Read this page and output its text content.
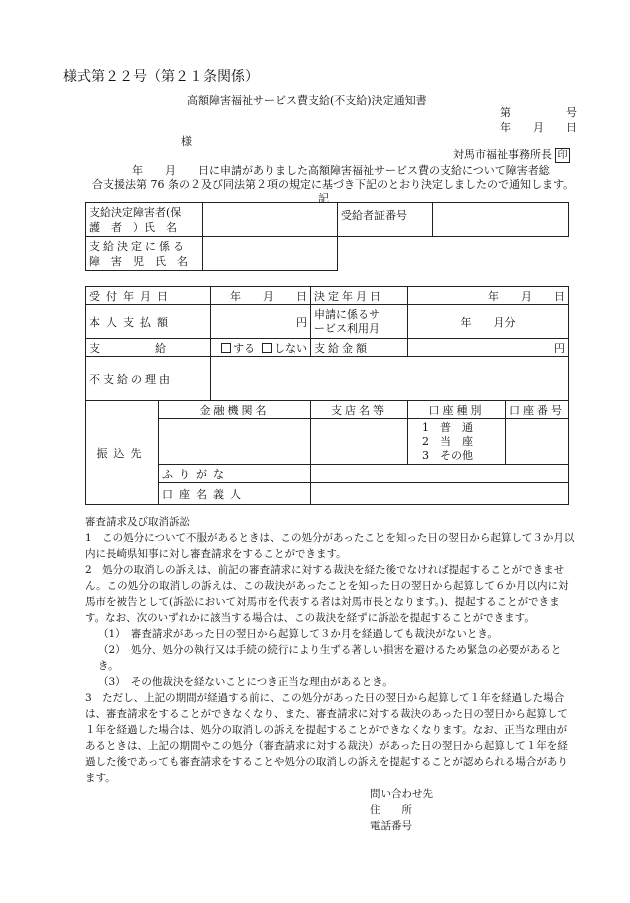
様式第２２号（第２１条関係）
高額障害福祉サービス費支給(不支給)決定通知書
第　　　　　号
年　　月　　日
様
対馬市福祉事務所長 印
年　　月　　日に申請がありました高額障害福祉サービス費の支給について障害者総
合支援法第 76 条の２及び同法第２項の規定に基づき下記のとおり決定しましたので通知します。
記
支給決定障害者(保
護　者　）氏　名		受給者証番号	

支給決定に係る
障　害　児　氏　名			

受付年月日		年　　月　　日	決定年月日	年　　月　　日	
本人支払額		円	申請に係るサ
ービス利用月	年　　月分	
支　　　　　給		する しない	支給金額	円	
不支給の理由					
振込先	金融機関名		支店名等	口座種別	口座番号

				1　普　通
2　当　座
3　その他	

	ふりがな				
	口座名義人				
審査請求及び取消訴訟
1　この処分について不服があるときは、この処分があったことを知った日の翌日から起算して３か月以内に長崎県知事に対し審査請求をすることができます。
2　処分の取消しの訴えは、前記の審査請求に対する裁決を経た後でなければ提起することができません。この処分の取消しの訴えは、この裁決があったことを知った日の翌日から起算して６か月以内に対馬市を被告として(訴訟において対馬市を代表する者は対馬市長となります。)、提起することができます。なお、次のいずれかに該当する場合は、この裁決を経ずに訴訟を提起することができます。
（1）　審査請求があった日の翌日から起算して３か月を経過しても裁決がないとき。
（2）　処分、処分の執行又は手続の続行により生ずる著しい損害を避けるため緊急の必要があるとき。
（3）　その他裁決を経ないことにつき正当な理由があるとき。
3　ただし、上記の期間が経過する前に、この処分があった日の翌日から起算して１年を経過した場合は、審査請求をすることができなくなり、また、審査請求に対する裁決のあった日の翌日から起算して１年を経過した場合は、処分の取消しの訴えを提起することができなくなります。なお、正当な理由があるときは、上記の期間やこの処分（審査請求に対する裁決）があった日の翌日から起算して１年を経過した後であっても審査請求をすることや処分の取消しの訴えを提起することが認められる場合があります。
問い合わせ先
住　　所
電話番号
